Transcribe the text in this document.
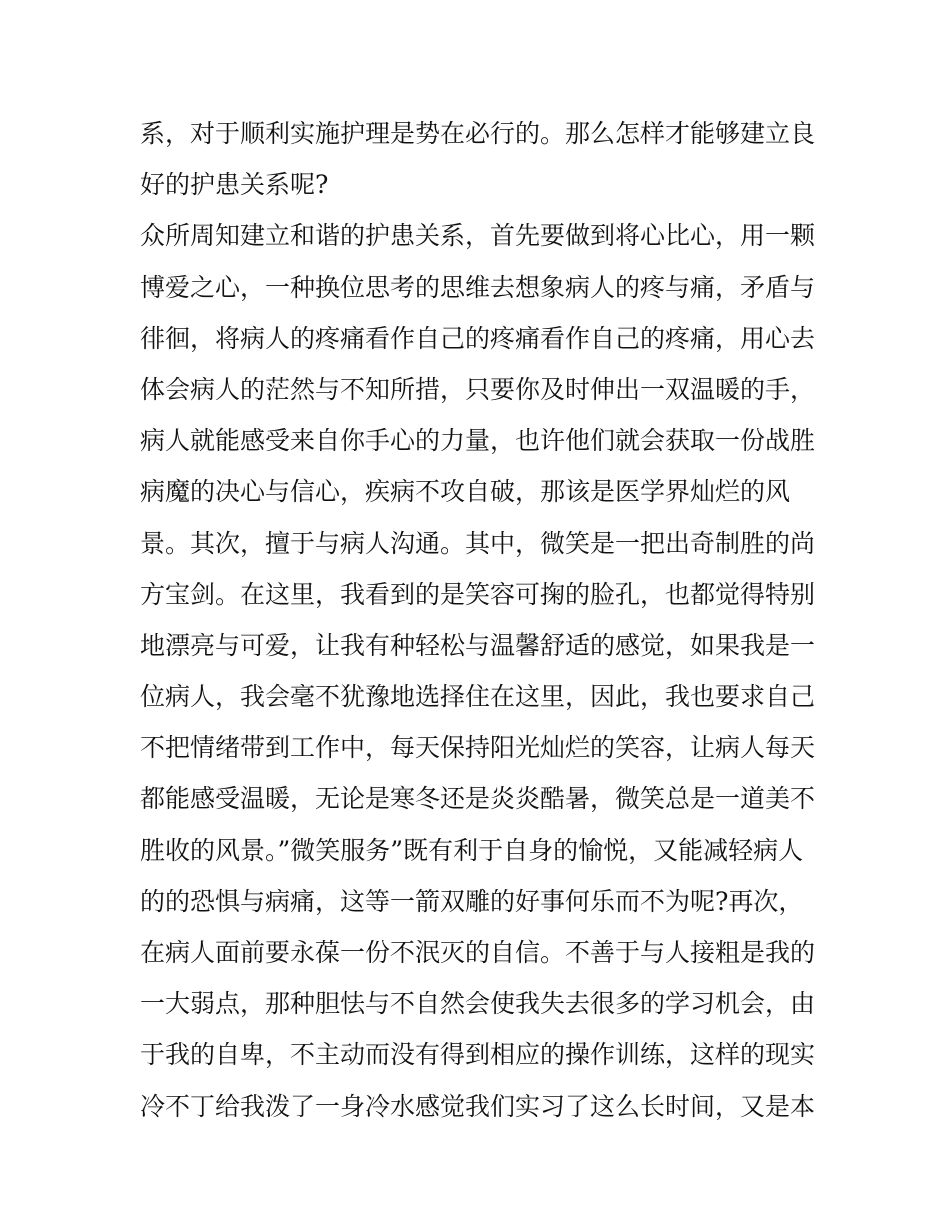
系，对于顺利实施护理是势在必行的。那么怎样才能够建立良
好的护患关系呢?
众所周知建立和谐的护患关系，首先要做到将心比心，用一颗
博爱之心，一种换位思考的思维去想象病人的疼与痛，矛盾与
徘徊，将病人的疼痛看作自己的疼痛看作自己的疼痛，用心去
体会病人的茫然与不知所措，只要你及时伸出一双温暖的手，
病人就能感受来自你手心的力量，也许他们就会获取一份战胜
病魔的决心与信心，疾病不攻自破，那该是医学界灿烂的风
景。其次，擅于与病人沟通。其中，微笑是一把出奇制胜的尚
方宝剑。在这里，我看到的是笑容可掬的脸孔，也都觉得特别
地漂亮与可爱，让我有种轻松与温馨舒适的感觉，如果我是一
位病人，我会毫不犹豫地选择住在这里，因此，我也要求自己
不把情绪带到工作中，每天保持阳光灿烂的笑容，让病人每天
都能感受温暖，无论是寒冬还是炎炎酷暑，微笑总是一道美不
胜收的风景。”微笑服务”既有利于自身的愉悦，又能减轻病人
的的恐惧与病痛，这等一箭双雕的好事何乐而不为呢?再次，
在病人面前要永葆一份不泯灭的自信。不善于与人接粗是我的
一大弱点，那种胆怯与不自然会使我失去很多的学习机会，由
于我的自卑，不主动而没有得到相应的操作训练，这样的现实
冷不丁给我泼了一身冷水感觉我们实习了这么长时间，又是本
